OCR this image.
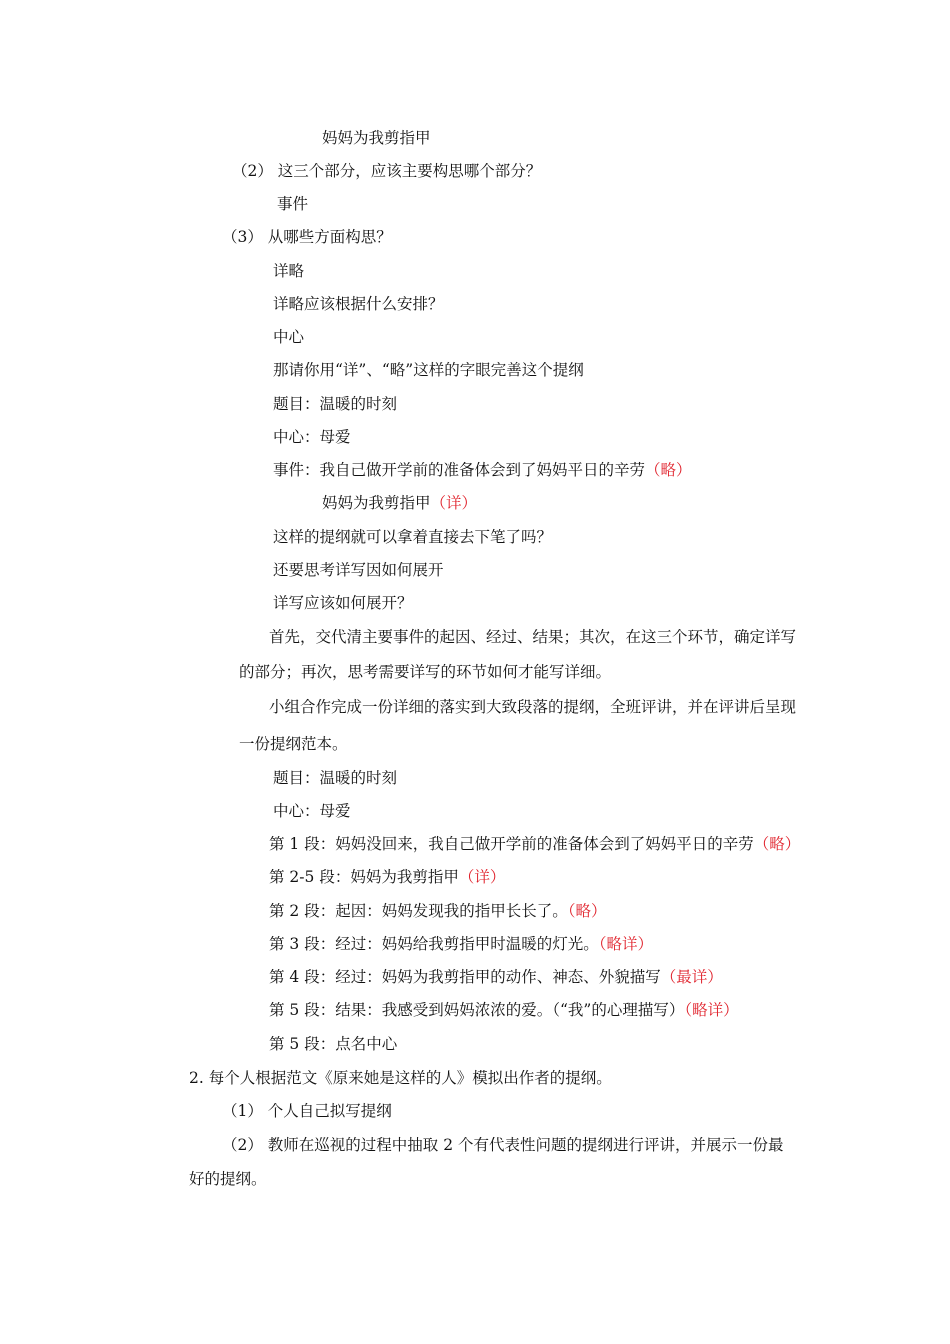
妈妈为我剪指甲
（2） 这三个部分，应该主要构思哪个部分？
事件
（3） 从哪些方面构思？
详略
详略应该根据什么安排？
中心
那请你用“详”、“略”这样的字眼完善这个提纲
题目：温暖的时刻
中心：母爱
事件：我自己做开学前的准备体会到了妈妈平日的辛劳（略）
妈妈为我剪指甲（详）
这样的提纲就可以拿着直接去下笔了吗？
还要思考详写因如何展开
详写应该如何展开？
首先，交代清主要事件的起因、经过、结果；其次，在这三个环节，确定详写
的部分；再次，思考需要详写的环节如何才能写详细。
小组合作完成一份详细的落实到大致段落的提纲，全班评讲，并在评讲后呈现
一份提纲范本。
题目：温暖的时刻
中心：母爱
第 1 段：妈妈没回来，我自己做开学前的准备体会到了妈妈平日的辛劳（略）
第 2-5 段：妈妈为我剪指甲（详）
第 2 段：起因：妈妈发现我的指甲长长了。（略）
第 3 段：经过：妈妈给我剪指甲时温暖的灯光。（略详）
第 4 段：经过：妈妈为我剪指甲的动作、神态、外貌描写（最详）
第 5 段：结果：我感受到妈妈浓浓的爱。（“我”的心理描写）（略详）
第 5 段：点名中心
2. 每个人根据范文《原来她是这样的人》模拟出作者的提纲。
（1） 个人自己拟写提纲
（2） 教师在巡视的过程中抽取 2 个有代表性问题的提纲进行评讲，并展示一份最
好的提纲。
